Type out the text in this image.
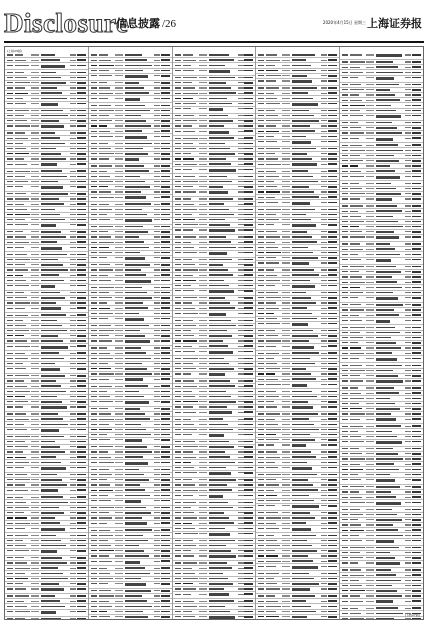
Disclosure
信息披露 /26	2020年4月15日 星期三 上海证券报
(上接25版)
(下转27版)
